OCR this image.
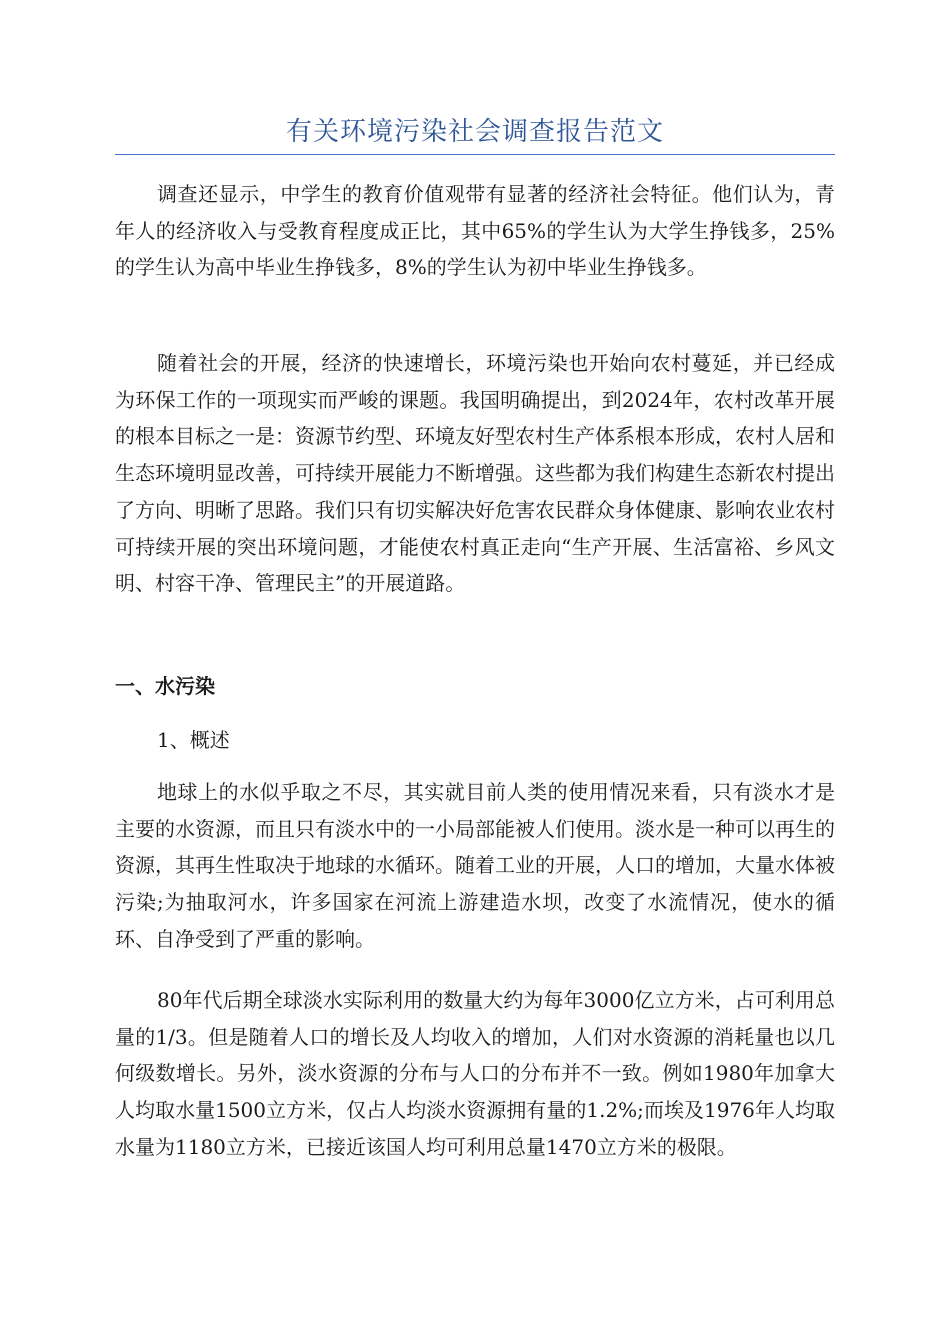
有关环境污染社会调查报告范文

调查还显示，中学生的教育价值观带有显著的经济社会特征。他们认为，青年人的经济收入与受教育程度成正比，其中65%的学生认为大学生挣钱多，25%的学生认为高中毕业生挣钱多，8%的学生认为初中毕业生挣钱多。

随着社会的开展，经济的快速增长，环境污染也开始向农村蔓延，并已经成为环保工作的一项现实而严峻的课题。我国明确提出，到2024年，农村改革开展的根本目标之一是：资源节约型、环境友好型农村生产体系根本形成，农村人居和生态环境明显改善，可持续开展能力不断增强。这些都为我们构建生态新农村提出了方向、明晰了思路。我们只有切实解决好危害农民群众身体健康、影响农业农村可持续开展的突出环境问题，才能使农村真正走向“生产开展、生活富裕、乡风文明、村容干净、管理民主”的开展道路。

一、水污染

1、概述

地球上的水似乎取之不尽，其实就目前人类的使用情况来看，只有淡水才是主要的水资源，而且只有淡水中的一小局部能被人们使用。淡水是一种可以再生的资源，其再生性取决于地球的水循环。随着工业的开展，人口的增加，大量水体被污染;为抽取河水，许多国家在河流上游建造水坝，改变了水流情况，使水的循环、自净受到了严重的影响。

80年代后期全球淡水实际利用的数量大约为每年3000亿立方米，占可利用总量的1/3。但是随着人口的增长及人均收入的增加，人们对水资源的消耗量也以几何级数增长。另外，淡水资源的分布与人口的分布并不一致。例如1980年加拿大人均取水量1500立方米，仅占人均淡水资源拥有量的1.2%;而埃及1976年人均取水量为1180立方米，已接近该国人均可利用总量1470立方米的极限。
